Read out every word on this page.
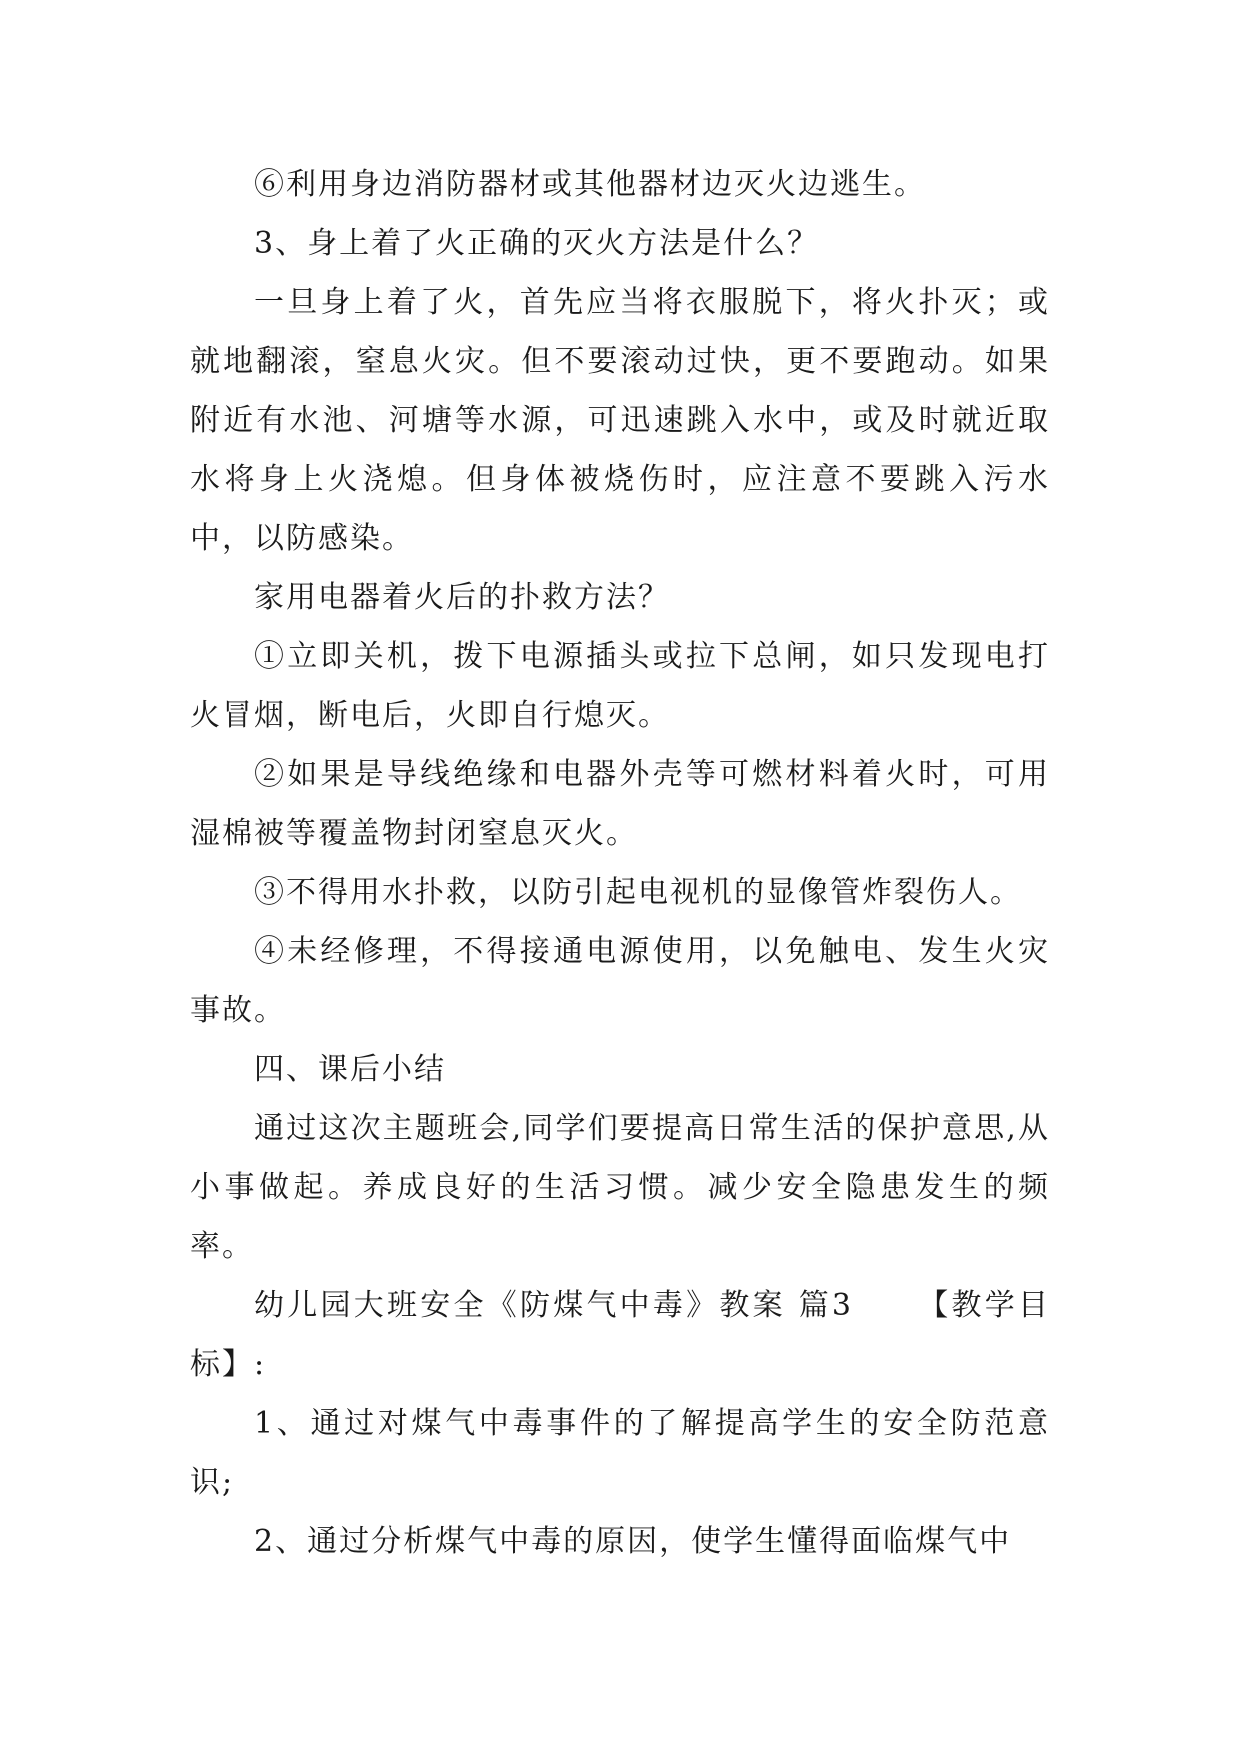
⑥利用身边消防器材或其他器材边灭火边逃生。

3、身上着了火正确的灭火方法是什么？

一旦身上着了火，首先应当将衣服脱下，将火扑灭；或就地翻滚，窒息火灾。但不要滚动过快，更不要跑动。如果附近有水池、河塘等水源，可迅速跳入水中，或及时就近取水将身上火浇熄。但身体被烧伤时，应注意不要跳入污水中，以防感染。

家用电器着火后的扑救方法？

①立即关机，拨下电源插头或拉下总闸，如只发现电打火冒烟，断电后，火即自行熄灭。

②如果是导线绝缘和电器外壳等可燃材料着火时，可用湿棉被等覆盖物封闭窒息灭火。

③不得用水扑救，以防引起电视机的显像管炸裂伤人。

④未经修理，不得接通电源使用，以免触电、发生火灾事故。

四、课后小结

通过这次主题班会,同学们要提高日常生活的保护意思,从小事做起。养成良好的生活习惯。减少安全隐患发生的频率。

幼儿园大班安全《防煤气中毒》教案 篇3 【教学目标】:

1、通过对煤气中毒事件的了解提高学生的安全防范意识;

2、通过分析煤气中毒的原因，使学生懂得面临煤气中
